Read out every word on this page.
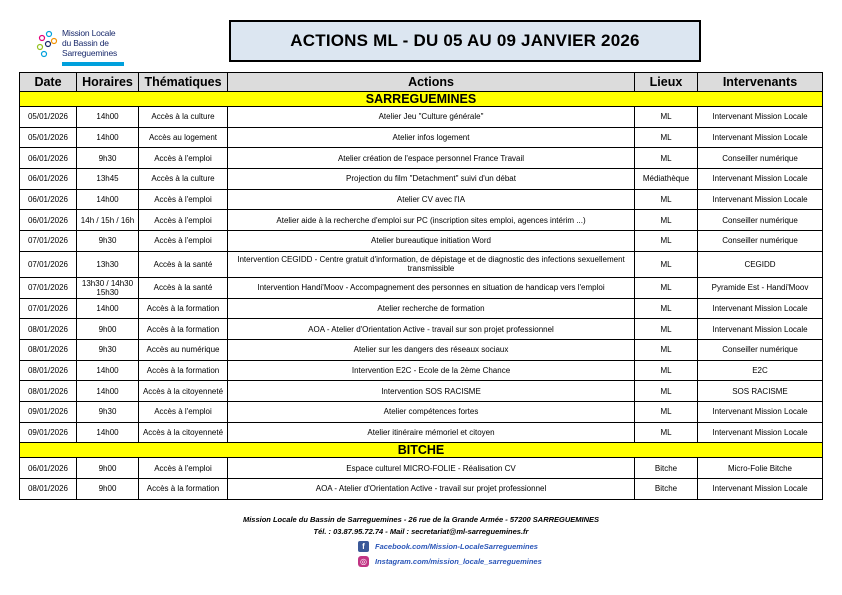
Mission Locale
du Bassin de
Sarreguemines
ACTIONS ML - DU 05 AU 09 JANVIER 2026
Date	Horaires	Thématiques	Actions	Lieux	Intervenants
SARREGUEMINES					
05/01/2026	14h00	Accès à la culture	Atelier Jeu "Culture générale"	ML	Intervenant Mission Locale
05/01/2026	14h00	Accès au logement	Atelier infos logement	ML	Intervenant Mission Locale
06/01/2026	9h30	Accès à l'emploi	Atelier création de l'espace personnel France Travail	ML	Conseiller numérique
06/01/2026	13h45	Accès à la culture	Projection du film "Detachment" suivi d'un débat	Médiathèque	Intervenant Mission Locale
06/01/2026	14h00	Accès à l'emploi	Atelier CV avec l'IA	ML	Intervenant Mission Locale
06/01/2026	14h / 15h / 16h	Accès à l'emploi	Atelier aide à la recherche d'emploi sur PC (inscription sites emploi, agences intérim ...)	ML	Conseiller numérique
07/01/2026	9h30	Accès à l'emploi	Atelier bureautique initiation Word	ML	Conseiller numérique
07/01/2026	13h30	Accès à la santé	Intervention CEGIDD - Centre gratuit d'information, de dépistage et de diagnostic des infections sexuellement transmissible	ML	CEGIDD
07/01/2026	13h30 / 14h30 15h30	Accès à la santé	Intervention Handi'Moov - Accompagnement des personnes en situation de handicap vers l'emploi	ML	Pyramide Est - Handi'Moov
07/01/2026	14h00	Accès à la formation	Atelier recherche de formation	ML	Intervenant Mission Locale
08/01/2026	9h00	Accès à la formation	AOA - Atelier d'Orientation Active - travail sur son projet professionnel	ML	Intervenant Mission Locale
08/01/2026	9h30	Accès au numérique	Atelier sur les dangers des réseaux sociaux	ML	Conseiller numérique
08/01/2026	14h00	Accès à la formation	Intervention E2C - Ecole de la 2ème Chance	ML	E2C
08/01/2026	14h00	Accès à la citoyenneté	Intervention SOS RACISME	ML	SOS RACISME
09/01/2026	9h30	Accès à l'emploi	Atelier compétences fortes	ML	Intervenant Mission Locale
09/01/2026	14h00	Accès à la citoyenneté	Atelier itinéraire mémoriel et citoyen	ML	Intervenant Mission Locale
BITCHE					
06/01/2026	9h00	Accès à l'emploi	Espace culturel MICRO-FOLIE - Réalisation CV	Bitche	Micro-Folie Bitche
08/01/2026	9h00	Accès à la formation	AOA - Atelier d'Orientation Active - travail sur projet professionnel	Bitche	Intervenant Mission Locale
Mission Locale du Bassin de Sarreguemines - 26 rue de la Grande Armée - 57200 SARREGUEMINES
Tél. : 03.87.95.72.74 - Mail : secretariat@ml-sarreguemines.fr
f	Facebook.com/Mission-LocaleSarreguemines
◎ Instagram.com/mission_locale_sarreguemines
